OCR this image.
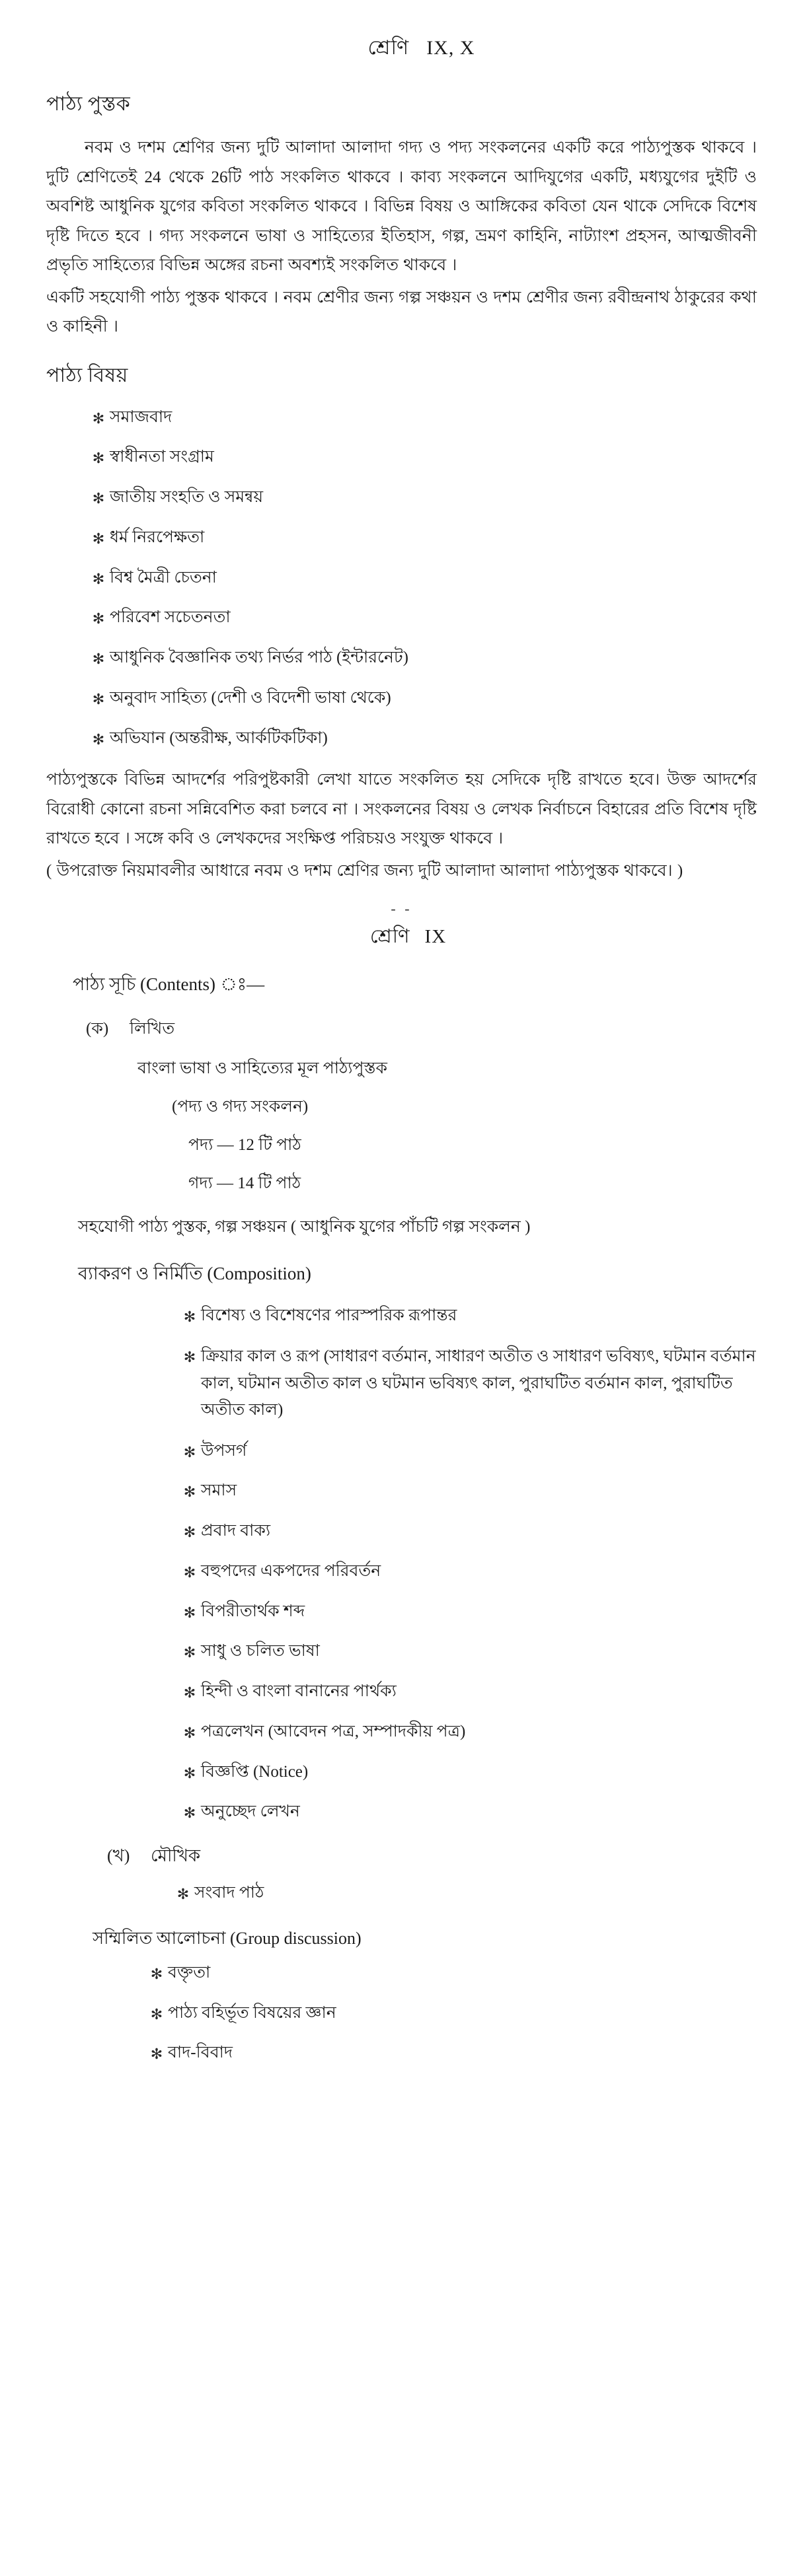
শ্রেণি IX, X
পাঠ্য পুস্তক

নবম ও দশম শ্রেণির জন্য দুটি আলাদা আলাদা গদ্য ও পদ্য সংকলনের একটি করে পাঠ্যপুস্তক থাকবে । দুটি শ্রেণিতেই 24 থেকে 26টি পাঠ সংকলিত থাকবে । কাব্য সংকলনে আদিযুগের একটি, মধ্যযুগের দুইটি ও অবশিষ্ট আধুনিক যুগের কবিতা সংকলিত থাকবে । বিভিন্ন বিষয় ও আঙ্গিকের কবিতা যেন থাকে সেদিকে বিশেষ দৃষ্টি দিতে হবে । গদ্য সংকলনে ভাষা ও সাহিত্যের ইতিহাস, গল্প, ভ্রমণ কাহিনি, নাট্যাংশ প্রহসন, আত্মজীবনী প্রভৃতি সাহিত্যের বিভিন্ন অঙ্গের রচনা অবশ্যই সংকলিত থাকবে ।

একটি সহযোগী পাঠ্য পুস্তক থাকবে । নবম শ্রেণীর জন্য গল্প সঞ্চয়ন ও দশম শ্রেণীর জন্য রবীন্দ্রনাথ ঠাকুরের কথা ও কাহিনী ।

পাঠ্য বিষয়
✻ সমাজবাদ
✻ স্বাধীনতা সংগ্রাম
✻ জাতীয় সংহতি ও সমন্বয়
✻ ধর্ম নিরপেক্ষতা
✻ বিশ্ব মৈত্রী চেতনা
✻ পরিবেশ সচেতনতা
✻ আধুনিক বৈজ্ঞানিক তথ্য নির্ভর পাঠ (ইন্টারনেট)
✻ অনুবাদ সাহিত্য (দেশী ও বিদেশী ভাষা থেকে)
✻ অভিযান (অন্তরীক্ষ, আর্কটিকটিকা)

পাঠ্যপুস্তকে বিভিন্ন আদর্শের পরিপুষ্টকারী লেখা যাতে সংকলিত হয় সেদিকে দৃষ্টি রাখতে হবে। উক্ত আদর্শের বিরোধী কোনো রচনা সন্নিবেশিত করা চলবে না । সংকলনের বিষয় ও লেখক নির্বাচনে বিহারের প্রতি বিশেষ দৃষ্টি রাখতে হবে । সঙ্গে কবি ও লেখকদের সংক্ষিপ্ত পরিচয়ও সংযুক্ত থাকবে ।

( উপরোক্ত নিয়মাবলীর আধারে নবম ও দশম শ্রেণির জন্য দুটি আলাদা আলাদা পাঠ্যপুস্তক থাকবে। )

- -
শ্রেণি IX
পাঠ্য সূচি (Contents) ঃ—
(ক) লিখিত
বাংলা ভাষা ও সাহিত্যের মূল পাঠ্যপুস্তক
(পদ্য ও গদ্য সংকলন)
পদ্য — 12 টি পাঠ
গদ্য — 14 টি পাঠ
সহযোগী পাঠ্য পুস্তক, গল্প সঞ্চয়ন ( আধুনিক যুগের পাঁচটি গল্প সংকলন )
ব্যাকরণ ও নির্মিতি (Composition)
✻ বিশেষ্য ও বিশেষণের পারস্পরিক রূপান্তর
✻ ক্রিয়ার কাল ও রূপ (সাধারণ বর্তমান, সাধারণ অতীত ও সাধারণ ভবিষ্যৎ, ঘটমান বর্তমান কাল, ঘটমান অতীত কাল ও ঘটমান ভবিষ্যৎ কাল, পুরাঘটিত বর্তমান কাল, পুরাঘটিত অতীত কাল)
✻ উপসর্গ
✻ সমাস
✻ প্রবাদ বাক্য
✻ বহুপদের একপদের পরিবর্তন
✻ বিপরীতার্থক শব্দ
✻ সাধু ও চলিত ভাষা
✻ হিন্দী ও বাংলা বানানের পার্থক্য
✻ পত্রলেখন (আবেদন পত্র, সম্পাদকীয় পত্র)
✻ বিজ্ঞপ্তি (Notice)
✻ অনুচ্ছেদ লেখন
(খ) মৌখিক
✻ সংবাদ পাঠ
সম্মিলিত আলোচনা (Group discussion)
✻ বক্তৃতা
✻ পাঠ্য বহির্ভূত বিষয়ের জ্ঞান
✻ বাদ-বিবাদ
